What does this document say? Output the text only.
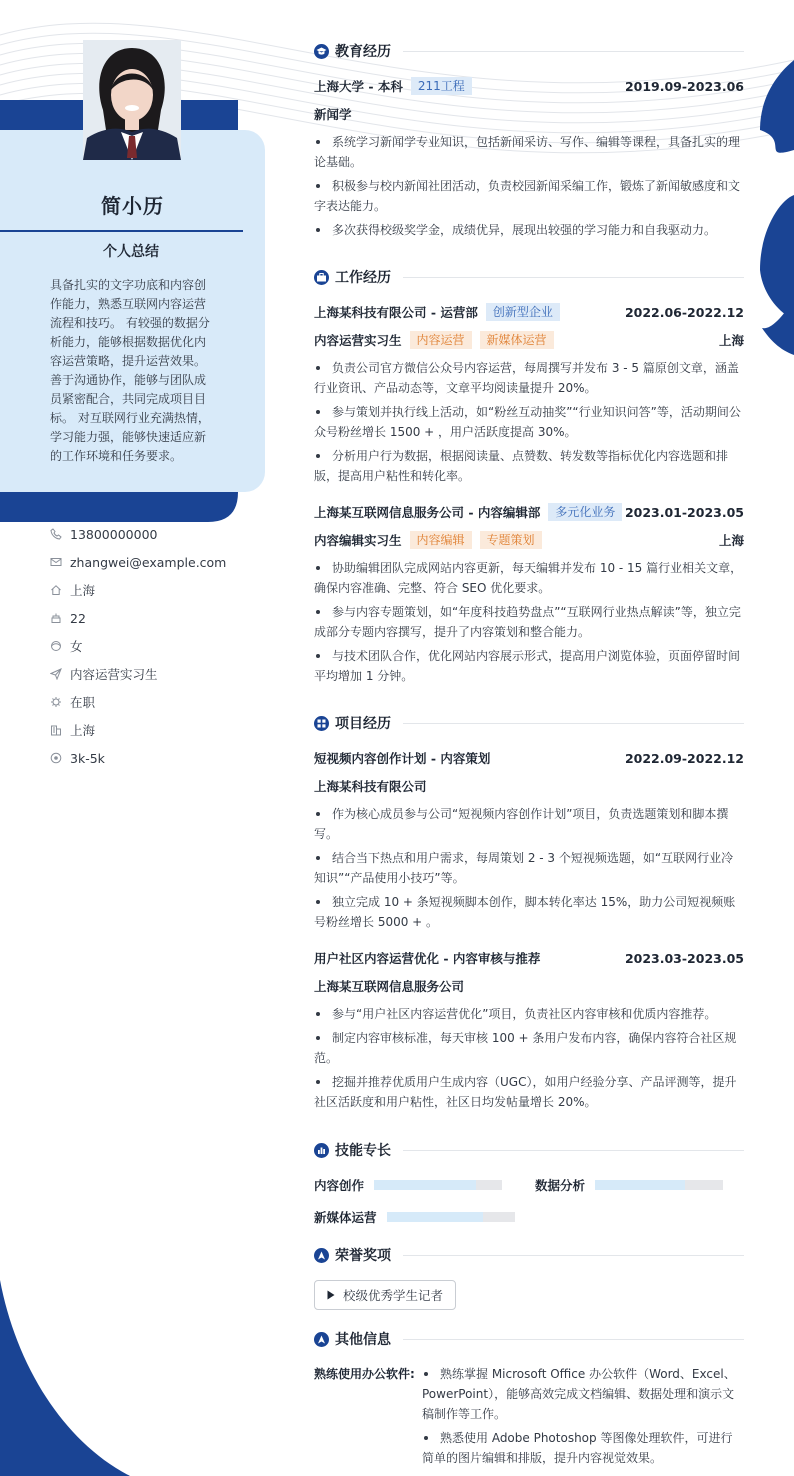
简小历
个人总结
具备扎实的文字功底和内容创作能力，熟悉互联网内容运营流程和技巧。 有较强的数据分析能力，能够根据数据优化内容运营策略，提升运营效果。 善于沟通协作，能够与团队成员紧密配合，共同完成项目目标。 对互联网行业充满热情，学习能力强，能够快速适应新的工作环境和任务要求。
13800000000
zhangwei@example.com
上海
22
女
内容运营实习生
在职
上海
3k-5k
教育经历
上海大学 - 本科	211工程	2019.09-2023.06
新闻学
系统学习新闻学专业知识，包括新闻采访、写作、编辑等课程，具备扎实的理论基础。
积极参与校内新闻社团活动，负责校园新闻采编工作，锻炼了新闻敏感度和文字表达能力。
多次获得校级奖学金，成绩优异，展现出较强的学习能力和自我驱动力。
工作经历
上海某科技有限公司 - 运营部	创新型企业	2022.06-2022.12
内容运营实习生	内容运营	新媒体运营	上海
负责公司官方微信公众号内容运营，每周撰写并发布 3 - 5 篇原创文章，涵盖行业资讯、产品动态等，文章平均阅读量提升 20%。
参与策划并执行线上活动，如“粉丝互动抽奖”“行业知识问答”等，活动期间公众号粉丝增长 1500 + ，用户活跃度提高 30%。
分析用户行为数据，根据阅读量、点赞数、转发数等指标优化内容选题和排版，提高用户粘性和转化率。
上海某互联网信息服务公司 - 内容编辑部	多元化业务 2023.01-2023.05
内容编辑实习生	内容编辑	专题策划	上海
协助编辑团队完成网站内容更新，每天编辑并发布 10 - 15 篇行业相关文章，确保内容准确、完整、符合 SEO 优化要求。
参与内容专题策划，如“年度科技趋势盘点”“互联网行业热点解读”等，独立完成部分专题内容撰写，提升了内容策划和整合能力。
与技术团队合作，优化网站内容展示形式，提高用户浏览体验，页面停留时间平均增加 1 分钟。
项目经历
短视频内容创作计划 - 内容策划	2022.09-2022.12
上海某科技有限公司
作为核心成员参与公司“短视频内容创作计划”项目，负责选题策划和脚本撰写。
结合当下热点和用户需求，每周策划 2 - 3 个短视频选题，如“互联网行业冷知识”“产品使用小技巧”等。
独立完成 10 + 条短视频脚本创作，脚本转化率达 15%，助力公司短视频账号粉丝增长 5000 + 。
用户社区内容运营优化 - 内容审核与推荐	2023.03-2023.05
上海某互联网信息服务公司
参与“用户社区内容运营优化”项目，负责社区内容审核和优质内容推荐。
制定内容审核标准，每天审核 100 + 条用户发布内容，确保内容符合社区规范。
挖掘并推荐优质用户生成内容（UGC），如用户经验分享、产品评测等，提升社区活跃度和用户粘性，社区日均发帖量增长 20%。
技能专长
内容创作	数据分析
新媒体运营
荣誉奖项
校级优秀学生记者
其他信息
熟练使用办公软件:	熟练掌握 Microsoft Office 办公软件（Word、Excel、PowerPoint），能够高效完成文档编辑、数据处理和演示文稿制作等工作。
熟悉使用 Adobe Photoshop 等图像处理软件，可进行简单的图片编辑和排版，提升内容视觉效果。
